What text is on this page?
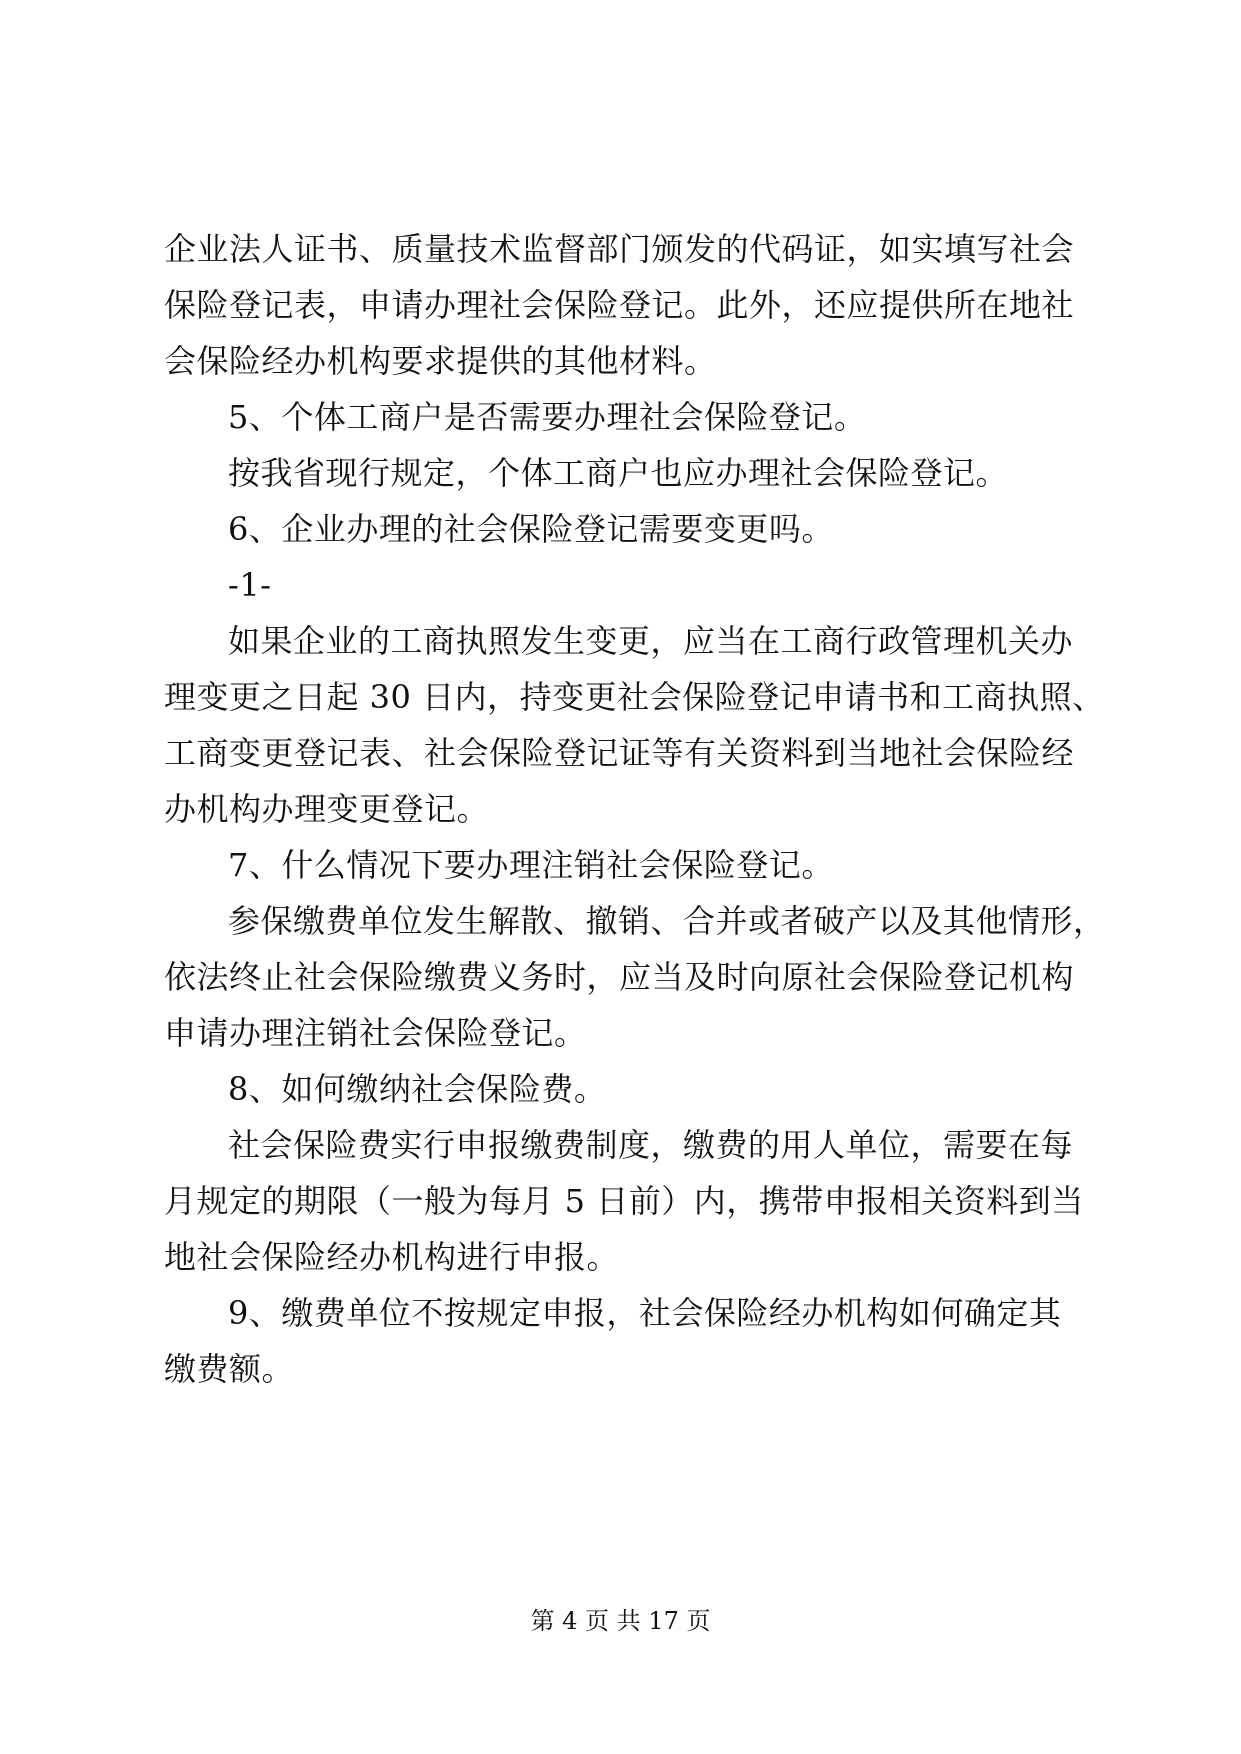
企业法人证书、质量技术监督部门颁发的代码证，如实填写社会
保险登记表，申请办理社会保险登记。此外，还应提供所在地社
会保险经办机构要求提供的其他材料。
5、个体工商户是否需要办理社会保险登记。
按我省现行规定，个体工商户也应办理社会保险登记。
6、企业办理的社会保险登记需要变更吗。
-1-
如果企业的工商执照发生变更，应当在工商行政管理机关办
理变更之日起 30 日内，持变更社会保险登记申请书和工商执照、
工商变更登记表、社会保险登记证等有关资料到当地社会保险经
办机构办理变更登记。
7、什么情况下要办理注销社会保险登记。
参保缴费单位发生解散、撤销、合并或者破产以及其他情形，
依法终止社会保险缴费义务时，应当及时向原社会保险登记机构
申请办理注销社会保险登记。
8、如何缴纳社会保险费。
社会保险费实行申报缴费制度，缴费的用人单位，需要在每
月规定的期限（一般为每月 5 日前）内，携带申报相关资料到当
地社会保险经办机构进行申报。
9、缴费单位不按规定申报，社会保险经办机构如何确定其
缴费额。
第 4 页 共 17 页
